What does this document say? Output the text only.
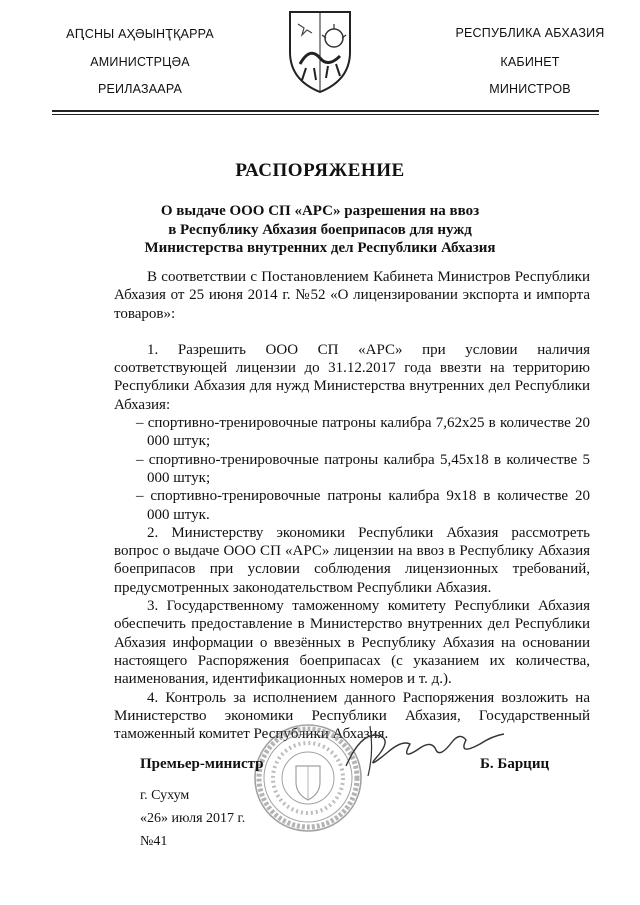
АԤСНЫ АҲӘЫНҬҚАРРА
АМИНИСТРЦӘА
РЕИЛАЗААРА
РЕСПУБЛИКА АБХАЗИЯ
КАБИНЕТ
МИНИСТРОВ
РАСПОРЯЖЕНИЕ
О выдаче ООО СП «АРС» разрешения на ввоз
в Республику Абхазия боеприпасов для нужд
Министерства внутренних дел Республики Абхазия

В соответствии с Постановлением Кабинета Министров Республики Абхазия от 25 июня 2014 г. №52 «О лицензировании экспорта и импорта товаров»:

1. Разрешить ООО СП «АРС» при условии наличия соответствующей лицензии до 31.12.2017 года ввезти на территорию Республики Абхазия для нужд Министерства внутренних дел Республики Абхазия:

– спортивно-тренировочные патроны калибра 7,62x25 в количестве 20 000 штук;

– спортивно-тренировочные патроны калибра 5,45x18 в количестве 5 000 штук;

– спортивно-тренировочные патроны калибра 9x18 в количестве 20 000 штук.

2. Министерству экономики Республики Абхазия рассмотреть вопрос о выдаче ООО СП «АРС» лицензии на ввоз в Республику Абхазия боеприпасов при условии соблюдения лицензионных требований, предусмотренных законодательством Республики Абхазия.

3. Государственному таможенному комитету Республики Абхазия обеспечить предоставление в Министерство внутренних дел Республики Абхазия информации о ввезённых в Республику Абхазия на основании настоящего Распоряжения боеприпасах (с указанием их количества, наименования, идентификационных номеров и т. д.).

4. Контроль за исполнением данного Распоряжения возложить на Министерство экономики Республики Абхазия, Государственный таможенный комитет Республики Абхазия.

Премьер-министр	Б. Барциц
г. Сухум
«26» июля 2017 г.
№41
